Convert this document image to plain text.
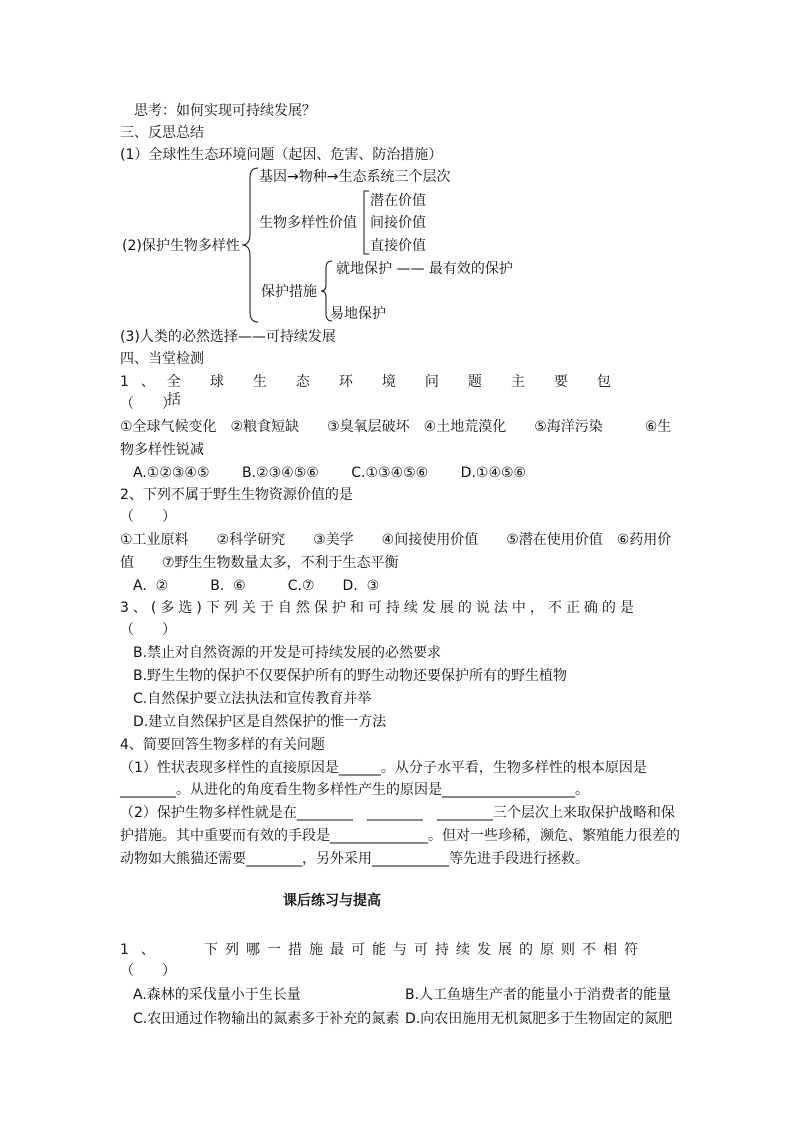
思考：如何实现可持续发展？
三、反思总结
(1）全球性生态环境问题（起因、危害、防治措施）
(2)保护生物多样性
基因→物种→生态系统三个层次
生物多样性价值
潜在价值
间接价值
直接价值
保护措施
就地保护 —— 最有效的保护
易地保护
(3)人类的必然选择——可持续发展
四、当堂检测
1、 全球生态环境问题主要包括
（　　）
①全球气候变化　②粮食短缺　　③臭氧层破坏　④土地荒漠化　　⑤海洋污染　　　⑥生
物多样性锐减
A.①②③④⑤　　 B.②③④⑤⑥　　 C.①③④⑤⑥　　 D.①④⑤⑥
2、下列不属于野生生物资源价值的是
（　　）
①工业原料　　②科学研究　　③美学　　④间接使用价值　　⑤潜在使用价值　⑥药用价
值　　⑦野生生物数量太多，不利于生态平衡
A.  ②　　　B.  ⑥　　　C.⑦　　D.  ③
3、(多选)下列关于自然保护和可持续发展的说法中，不正确的是
（　　）
B.禁止对自然资源的开发是可持续发展的必然要求
B.野生生物的保护不仅要保护所有的野生动物还要保护所有的野生植物
C.自然保护要立法执法和宣传教育并举
D.建立自然保护区是自然保护的惟一方法
4、简要回答生物多样的有关问题
（1）性状表现多样性的直接原因是______。从分子水平看，生物多样性的根本原因是
________。从进化的角度看生物多样性产生的原因是___________________。
（2）保护生物多样性就是在________　________　________三个层次上来取保护战略和保
护措施。其中重要而有效的手段是______________。但对一些珍稀，濒危、繁殖能力很差的
动物如大熊猫还需要________，另外采用___________等先进手段进行拯救。
课后练习与提高
1、	下列哪一措施最可能与可持续发展的原则不相符
（　　）
A.森林的采伐量小于生长量	B.人工鱼塘生产者的能量小于消费者的能量
C.农田通过作物输出的氮素多于补充的氮素 D.向农田施用无机氮肥多于生物固定的氮肥
